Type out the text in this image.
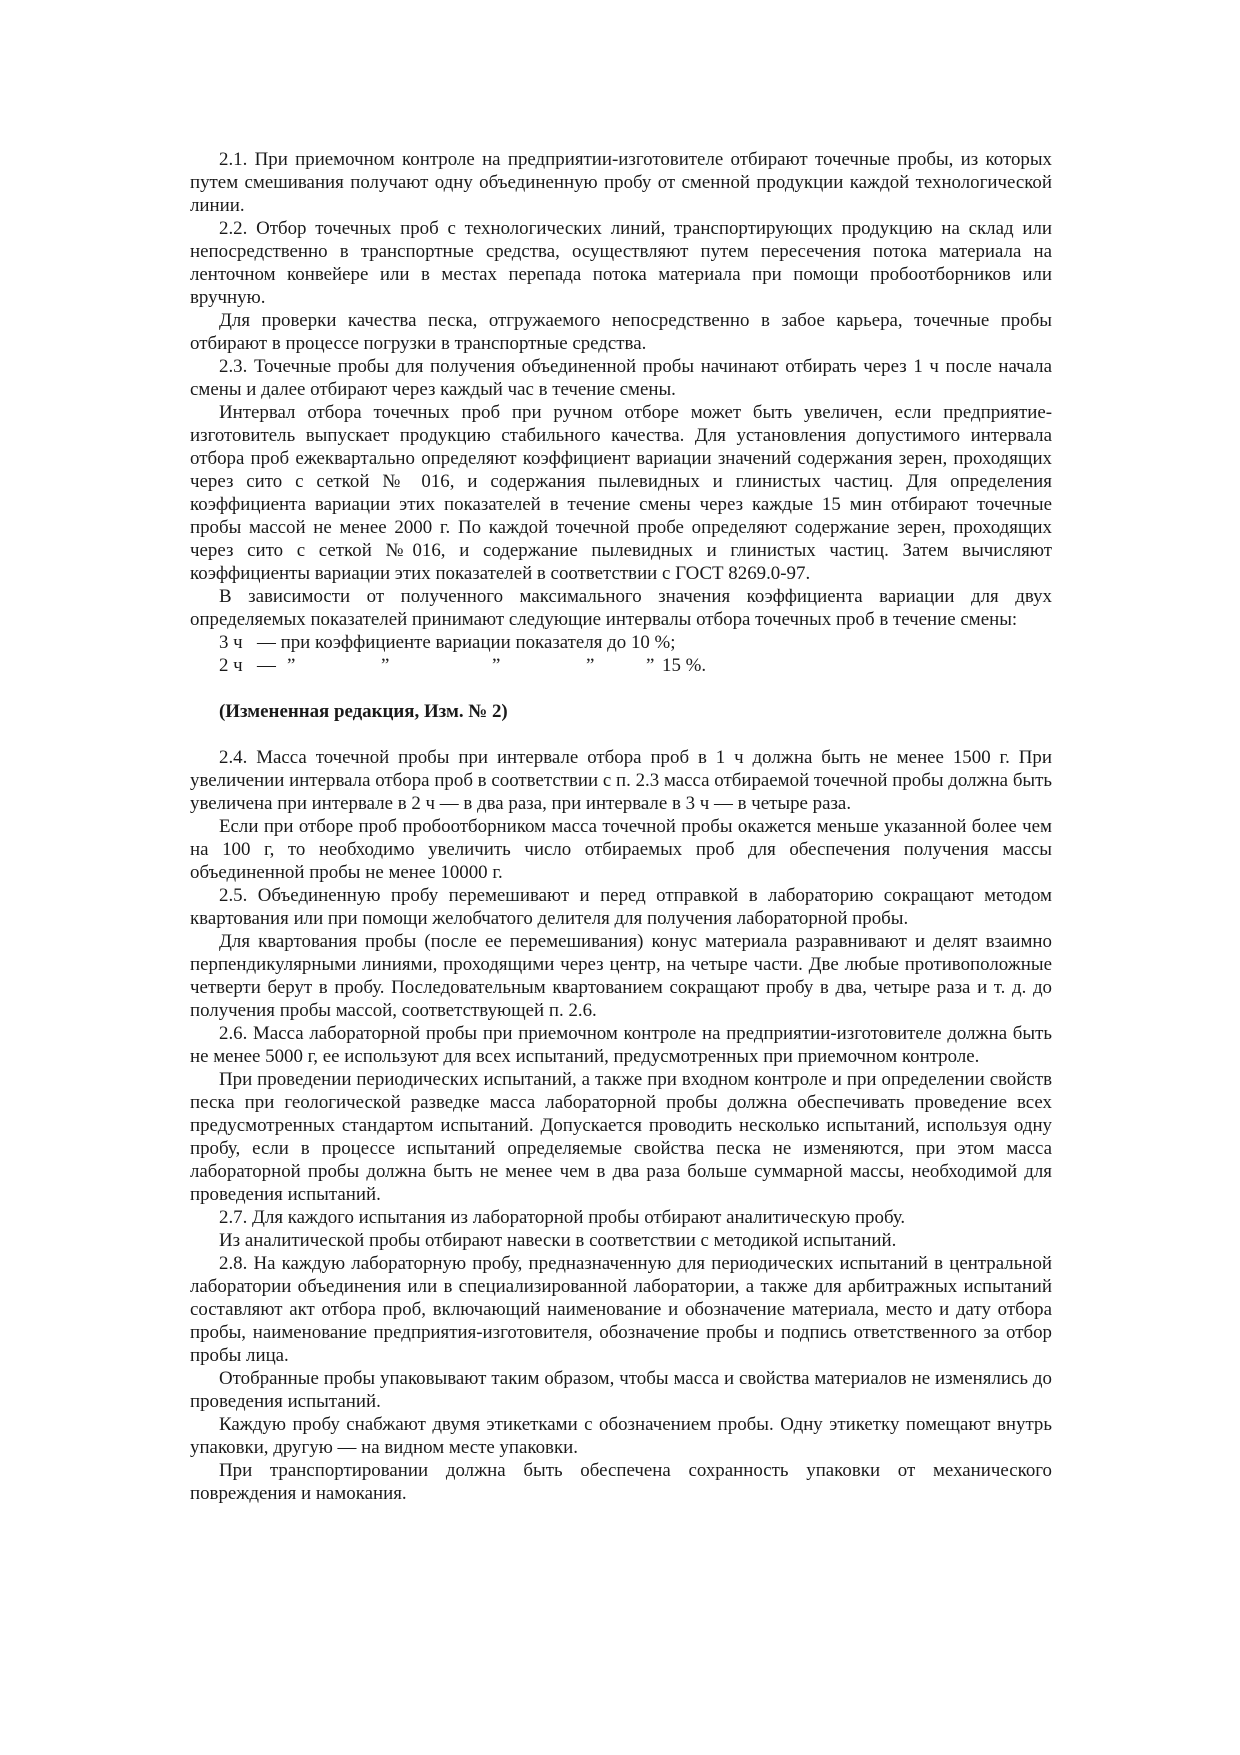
2.1. При приемочном контроле на предприятии-изготовителе отбирают точечные пробы, из которых путем смешивания получают одну объединенную пробу от сменной продукции каждой технологической линии.

2.2. Отбор точечных проб с технологических линий, транспортирующих продукцию на склад или непосредственно в транспортные средства, осуществляют путем пересечения потока материала на ленточном конвейере или в местах перепада потока материала при помощи пробоотборников или вручную.

Для проверки качества песка, отгружаемого непосредственно в забое карьера, точечные пробы отбирают в процессе погрузки в транспортные средства.

2.3. Точечные пробы для получения объединенной пробы начинают отбирать через 1 ч после начала смены и далее отбирают через каждый час в течение смены.

Интервал отбора точечных проб при ручном отборе может быть увеличен, если предприятие-изготовитель выпускает продукцию стабильного качества. Для установления допустимого интервала отбора проб ежеквартально определяют коэффициент вариации значений содержания зерен, проходящих через сито с сеткой № 016, и содержания пылевидных и глинистых частиц. Для определения коэффициента вариации этих показателей в течение смены через каждые 15 мин отбирают точечные пробы массой не менее 2000 г. По каждой точечной пробе определяют содержание зерен, проходящих через сито с сеткой №016, и содержание пылевидных и глинистых частиц. Затем вычисляют коэффициенты вариации этих показателей в соответствии с ГОСТ 8269.0-97.

В зависимости от полученного максимального значения коэффициента вариации для двух определяемых показателей принимают следующие интервалы отбора точечных проб в течение смены:

3 ч — при коэффициенте вариации показателя до 10 %;
2 ч — ”	”	”	”	” 15 %.
(Измененная редакция, Изм. № 2)

2.4. Масса точечной пробы при интервале отбора проб в 1 ч должна быть не менее 1500 г. При увеличении интервала отбора проб в соответствии с п. 2.3 масса отбираемой точечной пробы должна быть увеличена при интервале в 2 ч — в два раза, при интервале в 3 ч — в четыре раза.

Если при отборе проб пробоотборником масса точечной пробы окажется меньше указанной более чем на 100 г, то необходимо увеличить число отбираемых проб для обеспечения получения массы объединенной пробы не менее 10000 г.

2.5. Объединенную пробу перемешивают и перед отправкой в лабораторию сокращают методом квартования или при помощи желобчатого делителя для получения лабораторной пробы.

Для квартования пробы (после ее перемешивания) конус материала разравнивают и делят взаимно перпендикулярными линиями, проходящими через центр, на четыре части. Две любые противоположные четверти берут в пробу. Последовательным квартованием сокращают пробу в два, четыре раза и т. д. до получения пробы массой, соответствующей п. 2.6.

2.6. Масса лабораторной пробы при приемочном контроле на предприятии-изготовителе должна быть не менее 5000 г, ее используют для всех испытаний, предусмотренных при приемочном контроле.

При проведении периодических испытаний, а также при входном контроле и при определении свойств песка при геологической разведке масса лабораторной пробы должна обеспечивать проведение всех предусмотренных стандартом испытаний. Допускается проводить несколько испытаний, используя одну пробу, если в процессе испытаний определяемые свойства песка не изменяются, при этом масса лабораторной пробы должна быть не менее чем в два раза больше суммарной массы, необходимой для проведения испытаний.

2.7. Для каждого испытания из лабораторной пробы отбирают аналитическую пробу.

Из аналитической пробы отбирают навески в соответствии с методикой испытаний.

2.8. На каждую лабораторную пробу, предназначенную для периодических испытаний в центральной лаборатории объединения или в специализированной лаборатории, а также для арбитражных испытаний составляют акт отбора проб, включающий наименование и обозначение материала, место и дату отбора пробы, наименование предприятия-изготовителя, обозначение пробы и подпись ответственного за отбор пробы лица.

Отобранные пробы упаковывают таким образом, чтобы масса и свойства материалов не изменялись до проведения испытаний.

Каждую пробу снабжают двумя этикетками с обозначением пробы. Одну этикетку помещают внутрь упаковки, другую — на видном месте упаковки.

При транспортировании должна быть обеспечена сохранность упаковки от механического повреждения и намокания.
